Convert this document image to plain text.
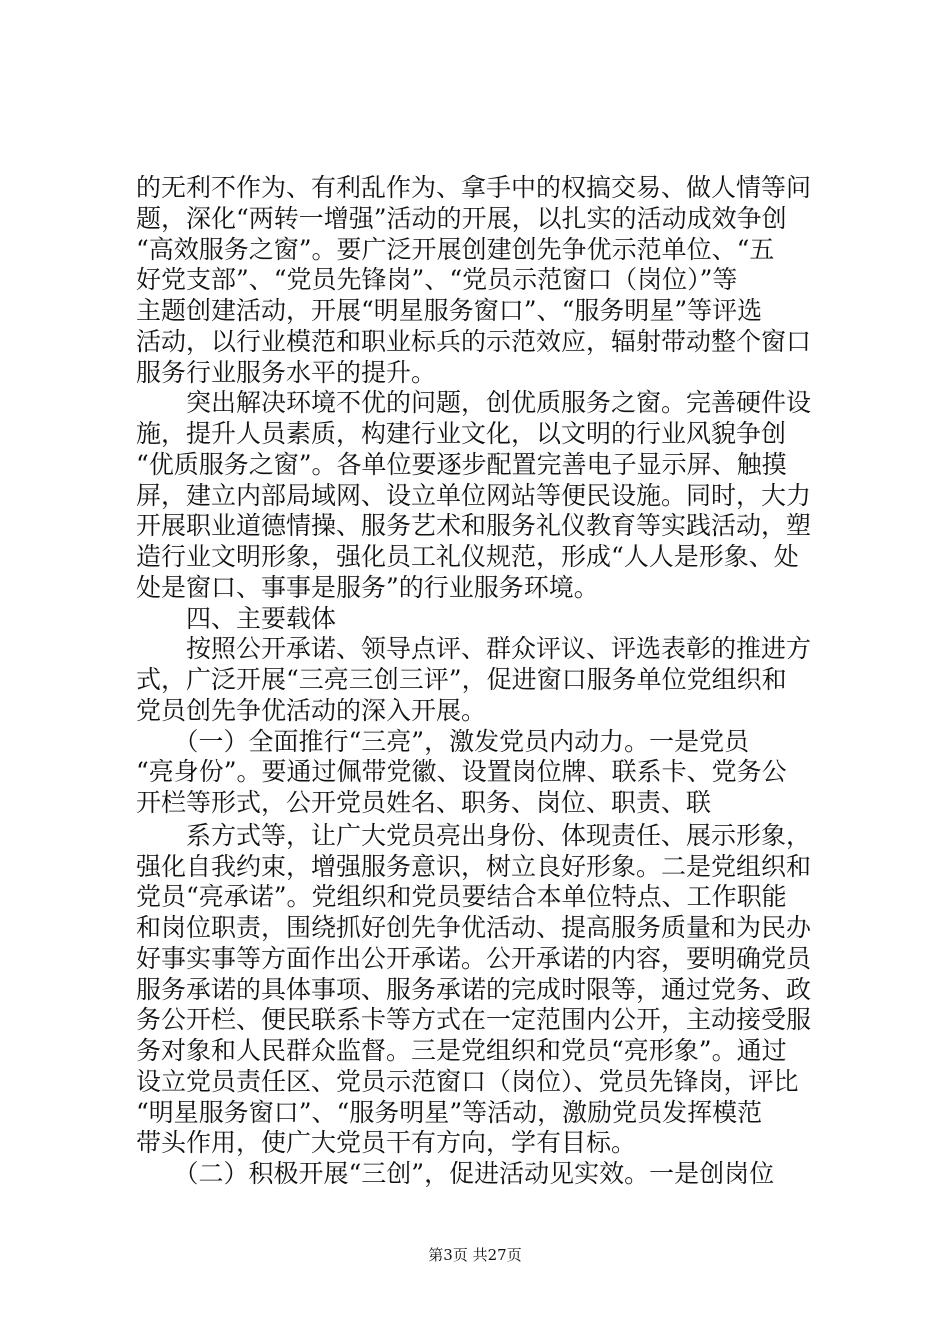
的无利不作为、有利乱作为、拿手中的权搞交易、做人情等问
题，深化“两转一增强”活动的开展，以扎实的活动成效争创
“高效服务之窗”。要广泛开展创建创先争优示范单位、“五
好党支部”、“党员先锋岗”、“党员示范窗口（岗位）”等
主题创建活动，开展“明星服务窗口”、“服务明星”等评选
活动，以行业模范和职业标兵的示范效应，辐射带动整个窗口
服务行业服务水平的提升。
　　突出解决环境不优的问题，创优质服务之窗。完善硬件设
施，提升人员素质，构建行业文化，以文明的行业风貌争创
“优质服务之窗”。各单位要逐步配置完善电子显示屏、触摸
屏，建立内部局域网、设立单位网站等便民设施。同时，大力
开展职业道德情操、服务艺术和服务礼仪教育等实践活动，塑
造行业文明形象，强化员工礼仪规范，形成“人人是形象、处
处是窗口、事事是服务”的行业服务环境。
　　四、主要载体
　　按照公开承诺、领导点评、群众评议、评选表彰的推进方
式，广泛开展“三亮三创三评”，促进窗口服务单位党组织和
党员创先争优活动的深入开展。
　　（一）全面推行“三亮”，激发党员内动力。一是党员
“亮身份”。要通过佩带党徽、设置岗位牌、联系卡、党务公
开栏等形式，公开党员姓名、职务、岗位、职责、联
　　系方式等，让广大党员亮出身份、体现责任、展示形象，
强化自我约束，增强服务意识，树立良好形象。二是党组织和
党员“亮承诺”。党组织和党员要结合本单位特点、工作职能
和岗位职责，围绕抓好创先争优活动、提高服务质量和为民办
好事实事等方面作出公开承诺。公开承诺的内容，要明确党员
服务承诺的具体事项、服务承诺的完成时限等，通过党务、政
务公开栏、便民联系卡等方式在一定范围内公开，主动接受服
务对象和人民群众监督。三是党组织和党员“亮形象”。通过
设立党员责任区、党员示范窗口（岗位）、党员先锋岗，评比
“明星服务窗口”、“服务明星”等活动，激励党员发挥模范
带头作用，使广大党员干有方向，学有目标。
　　（二）积极开展“三创”，促进活动见实效。一是创岗位
第3页 共27页
